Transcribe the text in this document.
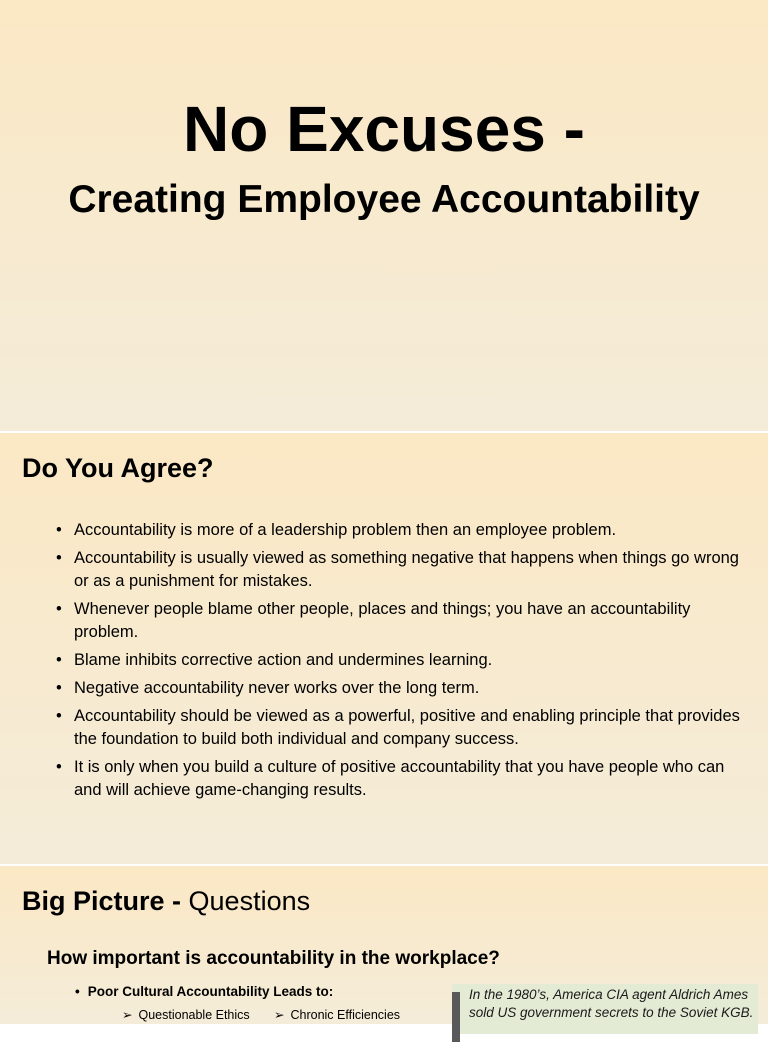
No Excuses -
Creating Employee Accountability
Do You Agree?
• Accountability is more of a leadership problem then an employee problem.
• Accountability is usually viewed as something negative that happens when things go wrong or as a punishment for mistakes.
• Whenever people blame other people, places and things; you have an accountability problem.
• Blame inhibits corrective action and undermines learning.
• Negative accountability never works over the long term.
• Accountability should be viewed as a powerful, positive and enabling principle that provides the foundation to build both individual and company success.
• It is only when you build a culture of positive accountability that you have people who can and will achieve game-changing results.
Big Picture - Questions
How important is accountability in the workplace?
• Poor Cultural Accountability Leads to:
➢ Questionable Ethics ➢ Chronic Efficiencies
In the 1980’s, America CIA agent Aldrich Ames
sold US government secrets to the Soviet KGB.
